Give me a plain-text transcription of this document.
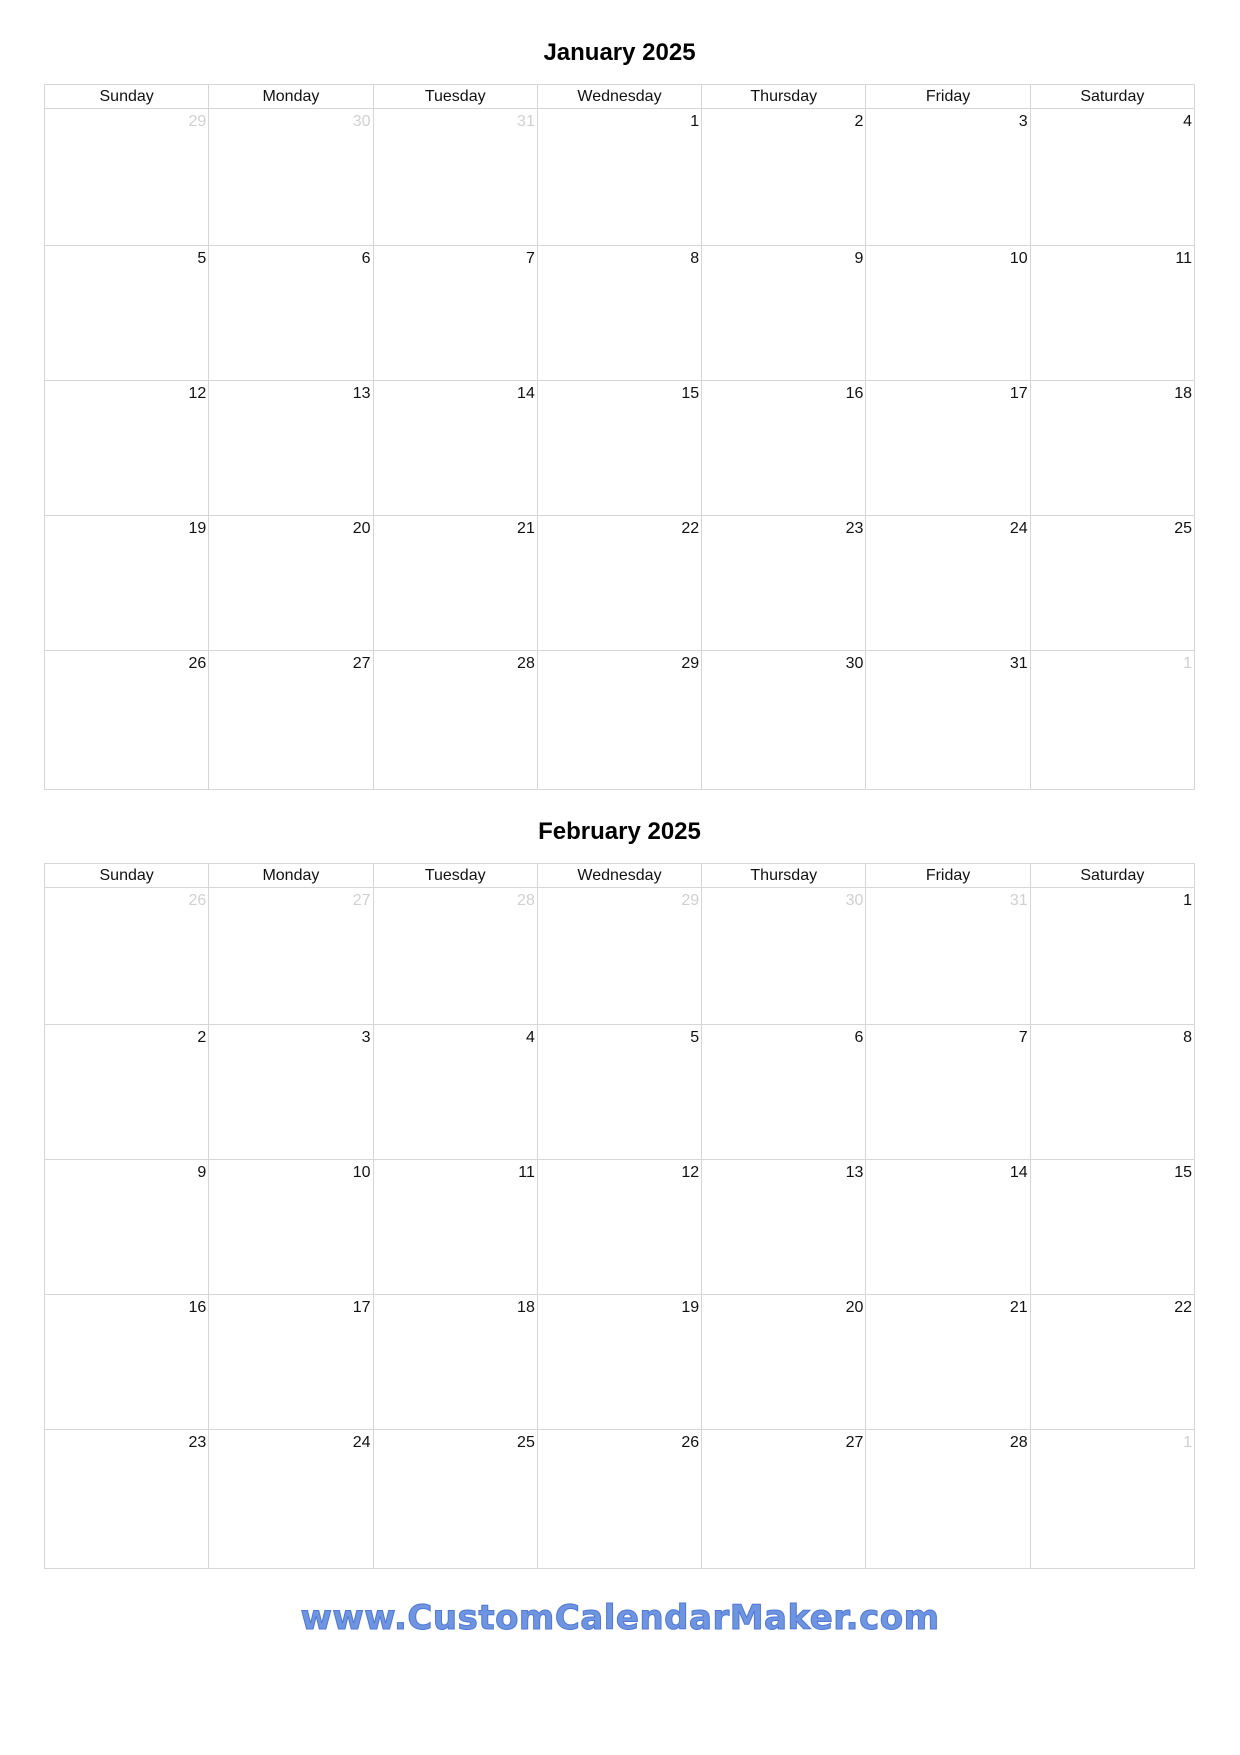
January 2025
Sunday	Monday	Tuesday	Wednesday	Thursday	Friday	Saturday
29	30	31	1	2	3	4
5	6	7	8	9	10	11
12	13	14	15	16	17	18
19	20	21	22	23	24	25
26	27	28	29	30	31	1
February 2025
Sunday	Monday	Tuesday	Wednesday	Thursday	Friday	Saturday
26	27	28	29	30	31	1
2	3	4	5	6	7	8
9	10	11	12	13	14	15
16	17	18	19	20	21	22
23	24	25	26	27	28	1
www.CustomCalendarMaker.com
